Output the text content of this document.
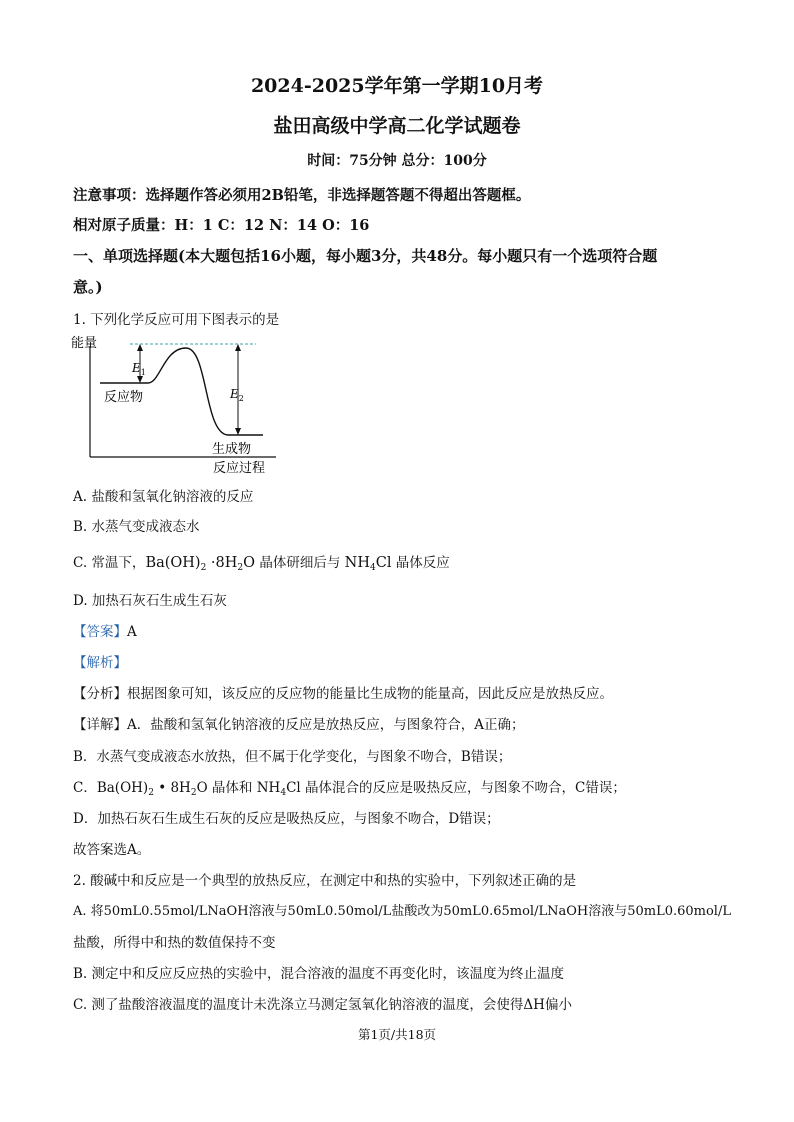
2024-2025学年第一学期10月考
盐田高级中学高二化学试题卷
时间：75分钟 总分：100分
注意事项：选择题作答必须用2B铅笔，非选择题答题不得超出答题框。
相对原子质量：H：1 C：12 N：14 O：16
一、单项选择题(本大题包括16小题，每小题3分，共48分。每小题只有一个选项符合题
意。)
1. 下列化学反应可用下图表示的是
能量
反应过程
$E_1$
$E_2$
反应物
生成物
A. 盐酸和氢氧化钠溶液的反应
B. 水蒸气变成液态水
C. 常温下，$Ba(OH)_2 \cdot 8H_2O$ 晶体研细后与 $NH_4Cl$ 晶体反应
D. 加热石灰石生成生石灰
【答案】A
【解析】
【分析】根据图象可知，该反应的反应物的能量比生成物的能量高，因此反应是放热反应。
【详解】A．盐酸和氢氧化钠溶液的反应是放热反应，与图象符合，A正确；
B．水蒸气变成液态水放热，但不属于化学变化，与图象不吻合，B错误；
C．$Ba(OH)_2$ • $8H_2O$ 晶体和 $NH_4Cl$ 晶体混合的反应是吸热反应，与图象不吻合，C错误；
D．加热石灰石生成生石灰的反应是吸热反应，与图象不吻合，D错误；
故答案选A。
2. 酸碱中和反应是一个典型的放热反应，在测定中和热的实验中，下列叙述正确的是
A. 将50mL0.55mol/LNaOH溶液与50mL0.50mol/L盐酸改为50mL0.65mol/LNaOH溶液与50mL0.60mol/L
盐酸，所得中和热的数值保持不变
B. 测定中和反应反应热的实验中，混合溶液的温度不再变化时，该温度为终止温度
C. 测了盐酸溶液温度的温度计未洗涤立马测定氢氧化钠溶液的温度，会使得ΔH偏小
第1页/共18页
